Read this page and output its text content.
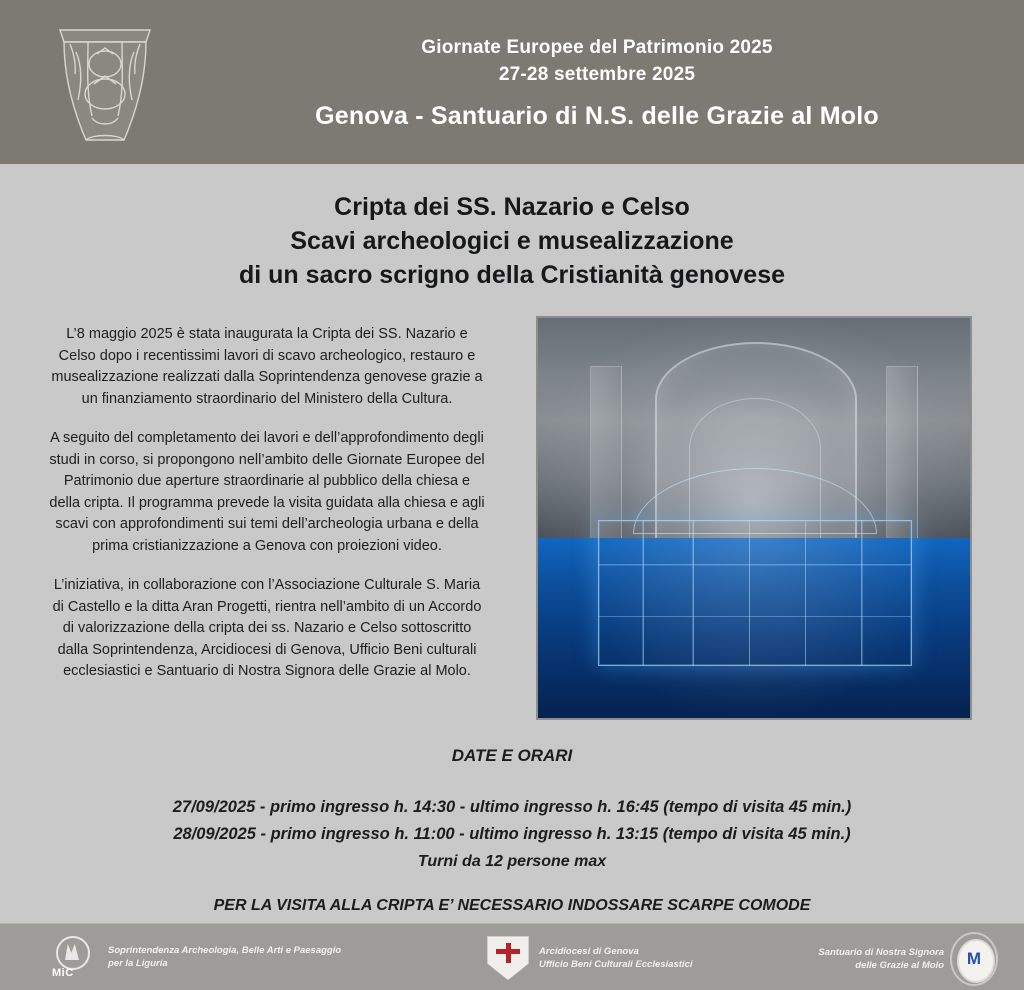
Giornate Europee del Patrimonio 2025
27-28 settembre 2025
Genova - Santuario di N.S. delle Grazie al Molo
Cripta dei SS. Nazario e Celso
Scavi archeologici e musealizzazione
di un sacro scrigno della Cristianità genovese

L’8 maggio 2025 è stata inaugurata la Cripta dei SS. Nazario e Celso dopo i recentissimi lavori di scavo archeologico, restauro e musealizzazione realizzati dalla Soprintendenza genovese grazie a un finanziamento straordinario del Ministero della Cultura.

A seguito del completamento dei lavori e dell’approfondimento degli studi in corso, si propongono nell’ambito delle Giornate Europee del Patrimonio due aperture straordinarie al pubblico della chiesa e della cripta. Il programma prevede la visita guidata alla chiesa e agli scavi con approfondimenti sui temi dell’archeologia urbana e della prima cristianizzazione a Genova con proiezioni video.

L’iniziativa, in collaborazione con l’Associazione Culturale S. Maria di Castello e la ditta Aran Progetti, rientra nell’ambito di un Accordo di valorizzazione della cripta dei ss. Nazario e Celso sottoscritto dalla Soprintendenza, Arcidiocesi di Genova, Ufficio Beni culturali ecclesiastici e Santuario di Nostra Signora delle Grazie al Molo.

DATE E ORARI
27/09/2025 - primo ingresso h. 14:30 - ultimo ingresso h. 16:45 (tempo di visita 45 min.)
28/09/2025 - primo ingresso h. 11:00 - ultimo ingresso h. 13:15 (tempo di visita 45 min.)
Turni da 12 persone max
PER LA VISITA ALLA CRIPTA E’ NECESSARIO INDOSSARE SCARPE COMODE
MiC
Soprintendenza Archeologia, Belle Arti e Paesaggio
per la Liguria
Arcidiocesi di Genova
Ufficio Beni Culturali Ecclesiastici	M
Santuario di Nostra Signora
delle Grazie al Molo
